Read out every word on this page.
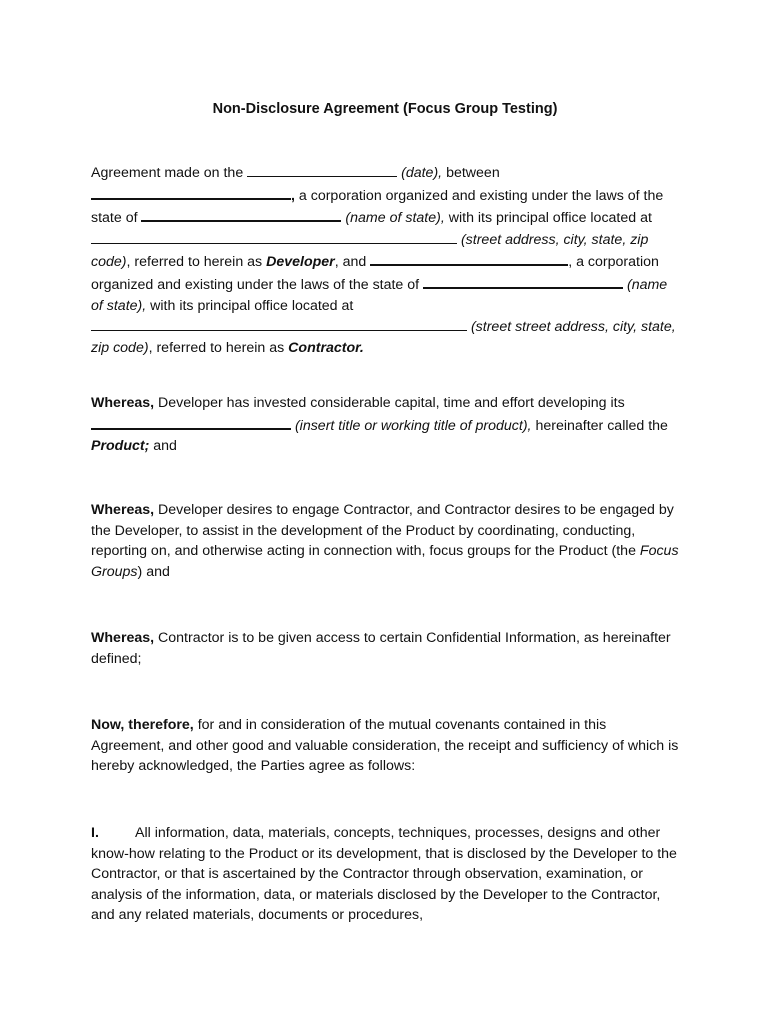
Non-Disclosure Agreement (Focus Group Testing)
Agreement made on the	(date), between , a corporation organized and existing under the laws of the state of	(name of state), with its principal office located at  (street address, city, state, zip code), referred to herein as Developer, and	, a corporation organized and existing under the laws of the state of	(name of state), with its principal office located at  (street street address, city, state, zip code), referred to herein as Contractor.
Whereas, Developer has invested considerable capital, time and effort developing its  (insert title or working title of product), hereinafter called the Product; and
Whereas, Developer desires to engage Contractor, and Contractor desires to be engaged by the Developer, to assist in the development of the Product by coordinating, conducting, reporting on, and otherwise acting in connection with, focus groups for the Product (the Focus Groups) and
Whereas, Contractor is to be given access to certain Confidential Information, as hereinafter defined;
Now, therefore, for and in consideration of the mutual covenants contained in this Agreement, and other good and valuable consideration, the receipt and sufficiency of which is hereby acknowledged, the Parties agree as follows:
I.	All information, data, materials, concepts, techniques, processes, designs and other know-how relating to the Product or its development, that is disclosed by the Developer to the Contractor, or that is ascertained by the Contractor through observation, examination, or analysis of the information, data, or materials disclosed by the Developer to the Contractor, and any related materials, documents or procedures,
